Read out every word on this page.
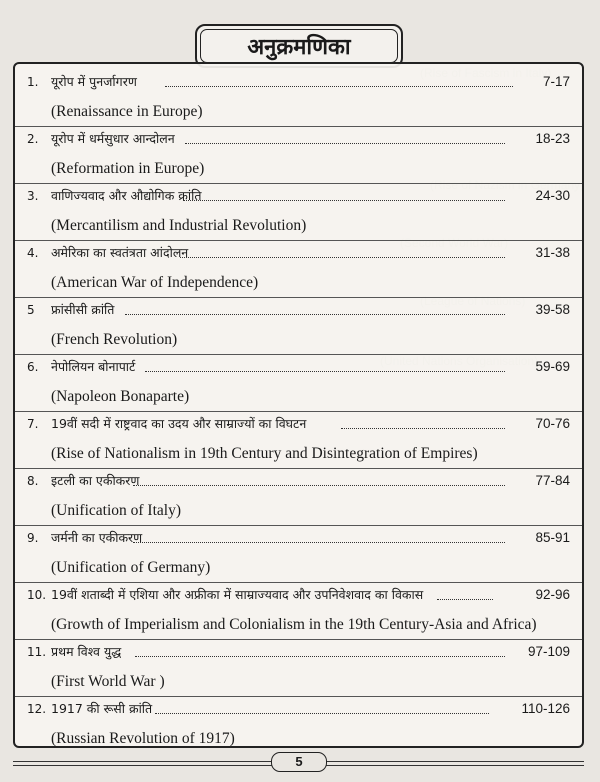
अनुक्रमणिका
1.	यूरोप में पुनर्जागरण	7-17
(Renaissance in Europe)
2.	यूरोप में धर्मसुधार आन्दोलन	18-23
(Reformation in Europe)
3.	वाणिज्यवाद और औद्योगिक क्रांति	24-30
(Mercantilism and Industrial Revolution)
4.	अमेरिका का स्वतंत्रता आंदोलन	31-38
(American War of Independence)
5	फ्रांसीसी क्रांति	39-58
(French Revolution)
6.	नेपोलियन बोनापार्ट	59-69
(Napoleon Bonaparte)
7.	19वीं सदी में राष्ट्रवाद का उदय और साम्राज्यों का विघटन	70-76
(Rise of Nationalism in 19th Century and Disintegration of Empires)
8.	इटली का एकीकरण	77-84
(Unification of Italy)
9.	जर्मनी का एकीकरण	85-91
(Unification of Germany)
10. 19वीं शताब्दी में एशिया और अफ्रीका में साम्राज्यवाद और उपनिवेशवाद का विकास	92-96
(Growth of Imperialism and Colonialism in the 19th Century-Asia and Africa)
11. प्रथम विश्व युद्ध	97-109
(First World War )
12. 1917 की रूसी क्रांति	110-126
(Russian Revolution of 1917)
5
